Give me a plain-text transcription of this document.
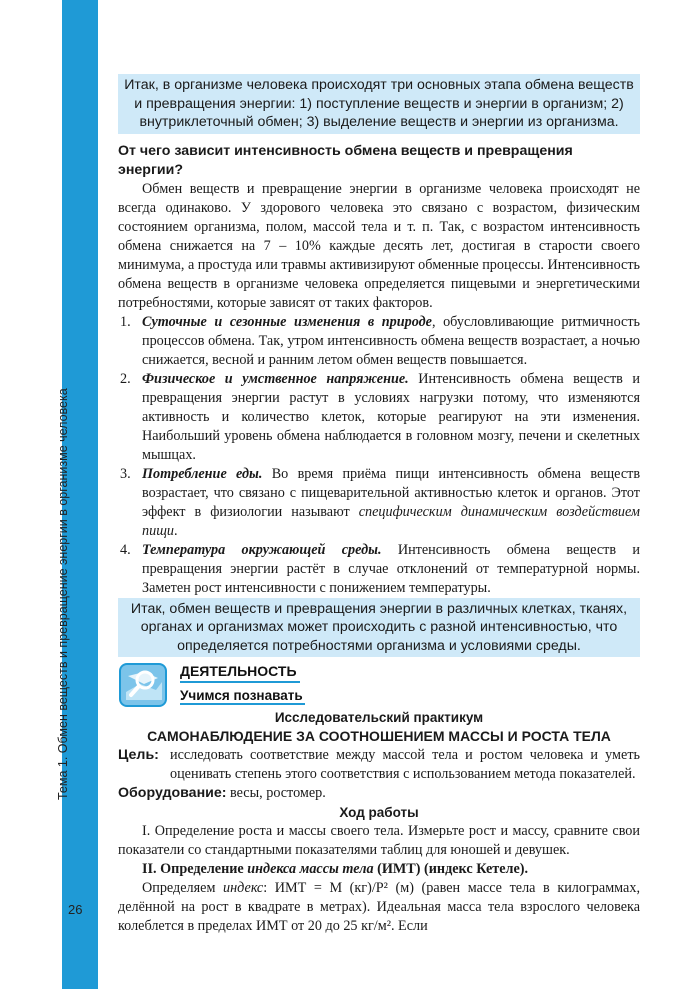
Тема 1. Обмен веществ и превращение энергии в организме человека
26
Итак, в организме человека происходят три основных этапа обмена веществ и превращения энергии: 1) поступление веществ и энергии в организм; 2) внутриклеточный обмен; 3) выделение веществ и энергии из организма.
От чего зависит интенсивность обмена веществ и превращения энергии?

Обмен веществ и превращение энергии в организме человека происходят не всегда одинаково. У здорового человека это связано с возрастом, физическим состоянием организма, полом, массой тела и т. п. Так, с возрастом интенсивность обмена снижается на 7 – 10% каждые десять лет, достигая в старости своего минимума, а простуда или травмы активизируют обменные процессы. Интенсивность обмена веществ в организме человека определяется пищевыми и энергетическими потребностями, которые зависят от таких факторов.

1. Суточные и сезонные изменения в природе, обусловливающие ритмичность процессов обмена. Так, утром интенсивность обмена веществ возрастает, а ночью снижается, весной и ранним летом обмен веществ повышается.
2. Физическое и умственное напряжение. Интенсивность обмена веществ и превращения энергии растут в условиях нагрузки потому, что изменяются активность и количество клеток, которые реагируют на эти изменения. Наибольший уровень обмена наблюдается в головном мозгу, печени и скелетных мышцах.
3. Потребление еды. Во время приёма пищи интенсивность обмена веществ возрастает, что связано с пищеварительной активностью клеток и органов. Этот эффект в физиологии называют специфическим динамическим воздействием пищи.
4. Температура окружающей среды. Интенсивность обмена веществ и превращения энергии растёт в случае отклонений от температурной нормы. Заметен рост интенсивности с понижением температуры.
Итак, обмен веществ и превращения энергии в различных клетках, тканях, органах и организмах может происходить с разной интенсивностью, что определяется потребностями организма и условиями среды.
ДЕЯТЕЛЬНОСТЬ
Учимся познавать
Исследовательский практикум
САМОНАБЛЮДЕНИЕ ЗА СООТНОШЕНИЕМ МАССЫ И РОСТА ТЕЛА
Цель: исследовать соответствие между массой тела и ростом человека и уметь оценивать степень этого соответствия с использованием метода показателей.

Оборудование: весы, ростомер.

Ход работы

I. Определение роста и массы своего тела. Измерьте рост и массу, сравните свои показатели со стандартными показателями таблиц для юношей и девушек.

II. Определение индекса массы тела (ИМТ) (индекс Кетеле).

Определяем индекс: ИМТ = М (кг)/Р² (м) (равен массе тела в килограммах, делённой на рост в квадрате в метрах). Идеальная масса тела взрослого человека колеблется в пределах ИМТ от 20 до 25 кг/м². Если
